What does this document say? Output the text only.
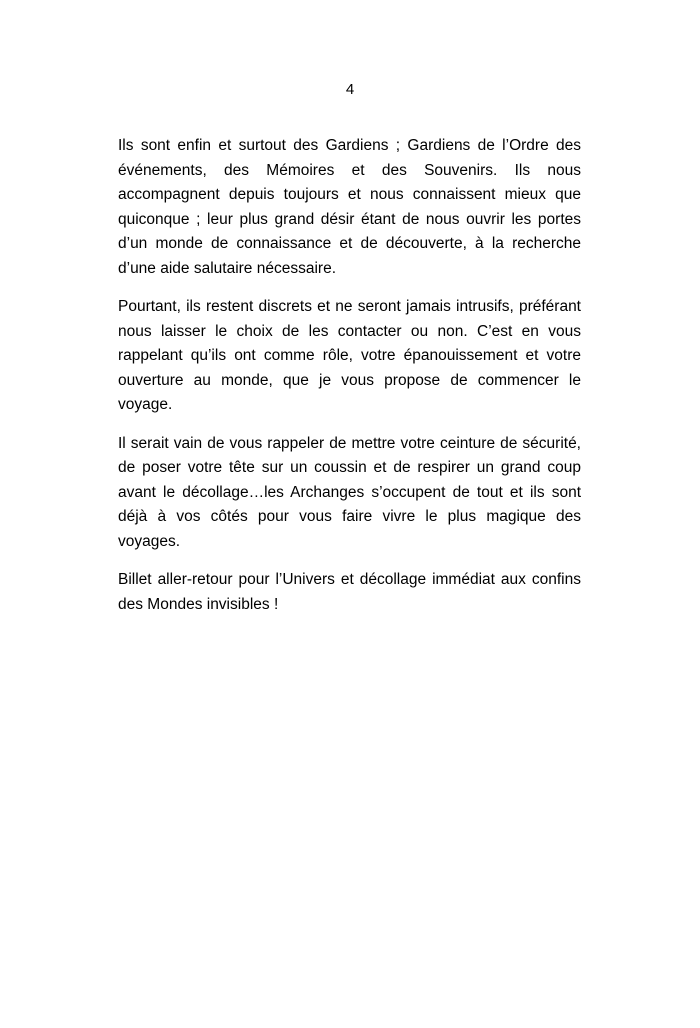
4

Ils sont enfin et surtout des Gardiens ; Gardiens de l’Ordre des événements, des Mémoires et des Souvenirs. Ils nous accompagnent depuis toujours et nous connaissent mieux que quiconque ; leur plus grand désir étant de nous ouvrir les portes d’un monde de connaissance et de découverte, à la recherche d’une aide salutaire nécessaire.

Pourtant, ils restent discrets et ne seront jamais intrusifs, préférant nous laisser le choix de les contacter ou non. C’est en vous rappelant qu’ils ont comme rôle, votre épanouissement et votre ouverture au monde, que je vous propose de commencer le voyage.

Il serait vain de vous rappeler de mettre votre ceinture de sécurité, de poser votre tête sur un coussin et de respirer un grand coup avant le décollage…les Archanges s’occupent de tout et ils sont déjà à vos côtés pour vous faire vivre le plus magique des voyages.

Billet aller-retour pour l’Univers et décollage immédiat aux confins des Mondes invisibles !
